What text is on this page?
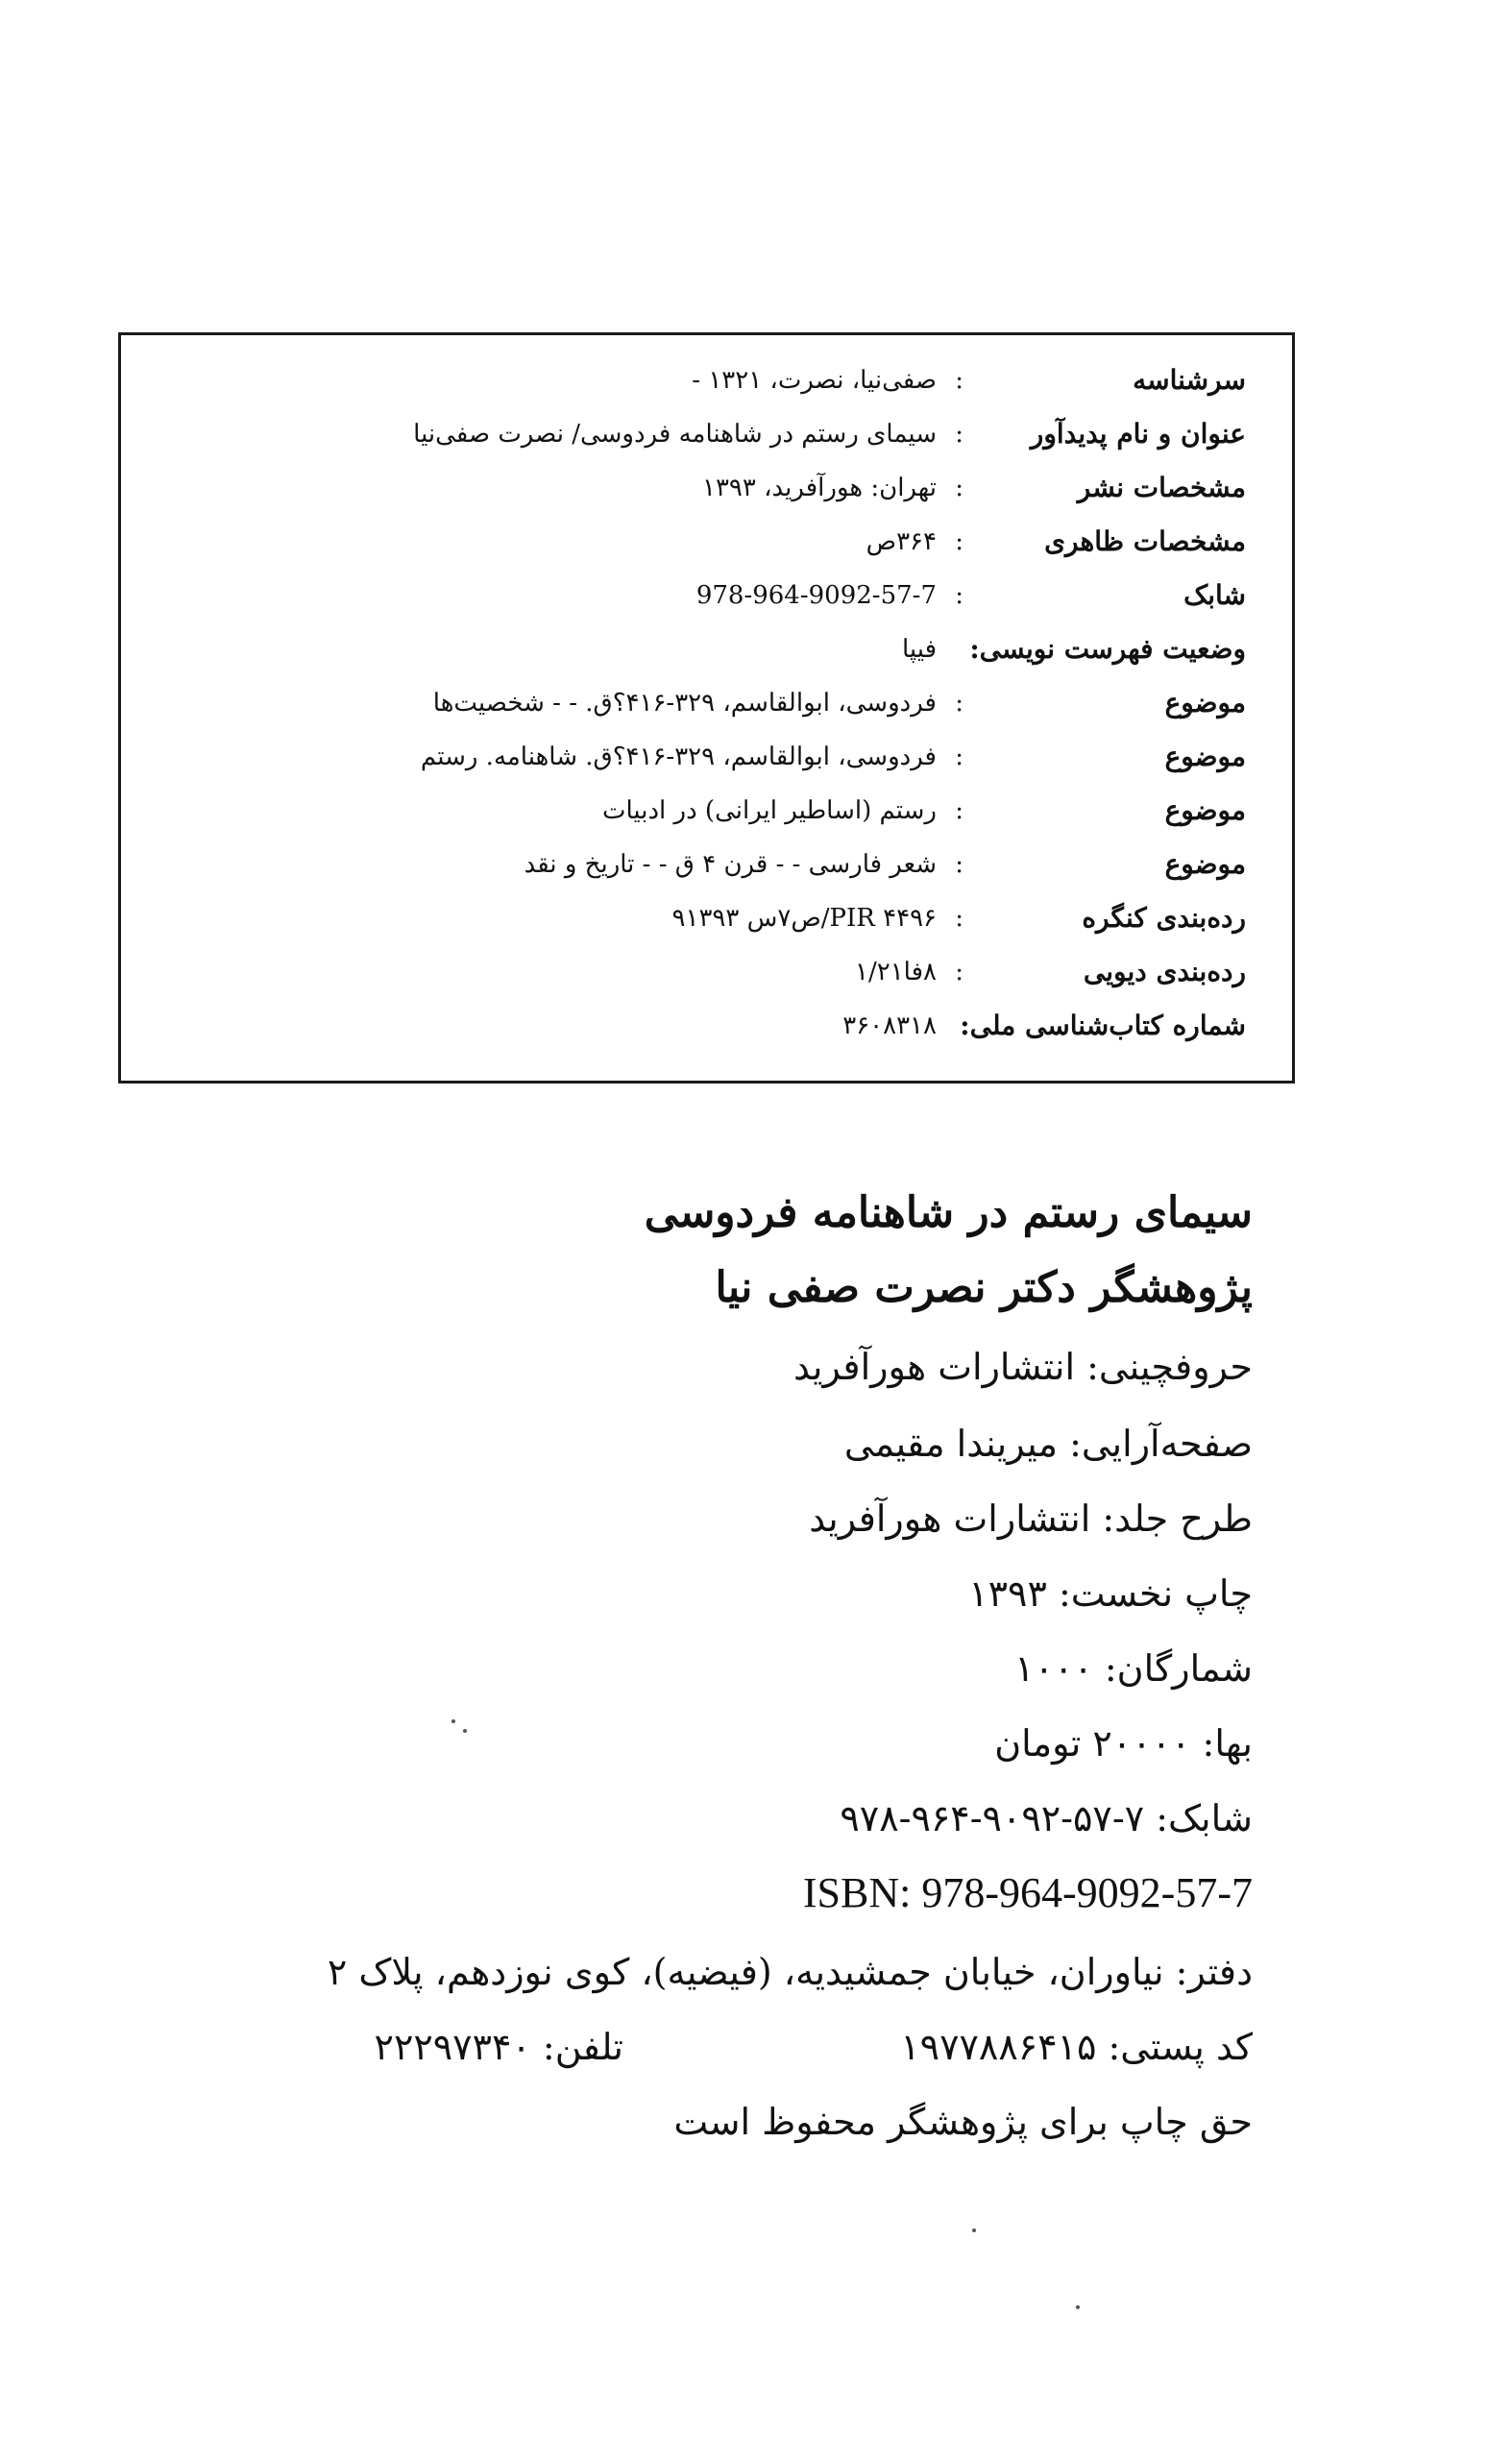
سرشناسه
:
صفی‌نیا، نصرت، ۱۳۲۱ -
عنوان و نام پدیدآور
:
سیمای رستم در شاهنامه فردوسی/ نصرت صفی‌نیا
مشخصات نشر
:
تهران: هورآفرید، ۱۳۹۳
مشخصات ظاهری
:
۳۶۴ص
شابک
:
978-964-9092-57-7
وضعیت فهرست نویسی:
فیپا
موضوع
:
فردوسی، ابوالقاسم، ۳۲۹-۴۱۶؟ق. - - شخصیت‌ها
موضوع
:
فردوسی، ابوالقاسم، ۳۲۹-۴۱۶؟ق. شاهنامه. رستم
موضوع
:
رستم (اساطیر ایرانی) در ادبیات
موضوع
:
شعر فارسی - - قرن ۴ ق - - تاریخ و نقد
رده‌بندی کنگره
:
PIR ۴۴۹۶/ص۷س ۹۱۳۹۳
رده‌بندی دیویی
:
۸فا۱/۲۱
شماره کتاب‌شناسی ملی:
۳۶۰۸۳۱۸
سیمای رستم در شاهنامه فردوسی
پژوهشگر دکتر نصرت صفی نیا
حروفچینی: انتشارات هورآفرید
صفحه‌آرایی: میریندا مقیمی
طرح جلد: انتشارات هورآفرید
چاپ نخست: ۱۳۹۳
شمارگان: ۱۰۰۰
بها: ۲۰۰۰۰ تومان
شابک: ۷-۵۷-۹۰۹۲-۹۶۴-۹۷۸
ISBN: 978-964-9092-57-7
دفتر: نیاوران، خیابان جمشیدیه، (فیضیه)، کوی نوزدهم، پلاک ۲
کد پستی: ۱۹۷۷۸۸۶۴۱۵
تلفن: ۲۲۲۹۷۳۴۰
حق چاپ برای پژوهشگر محفوظ است
